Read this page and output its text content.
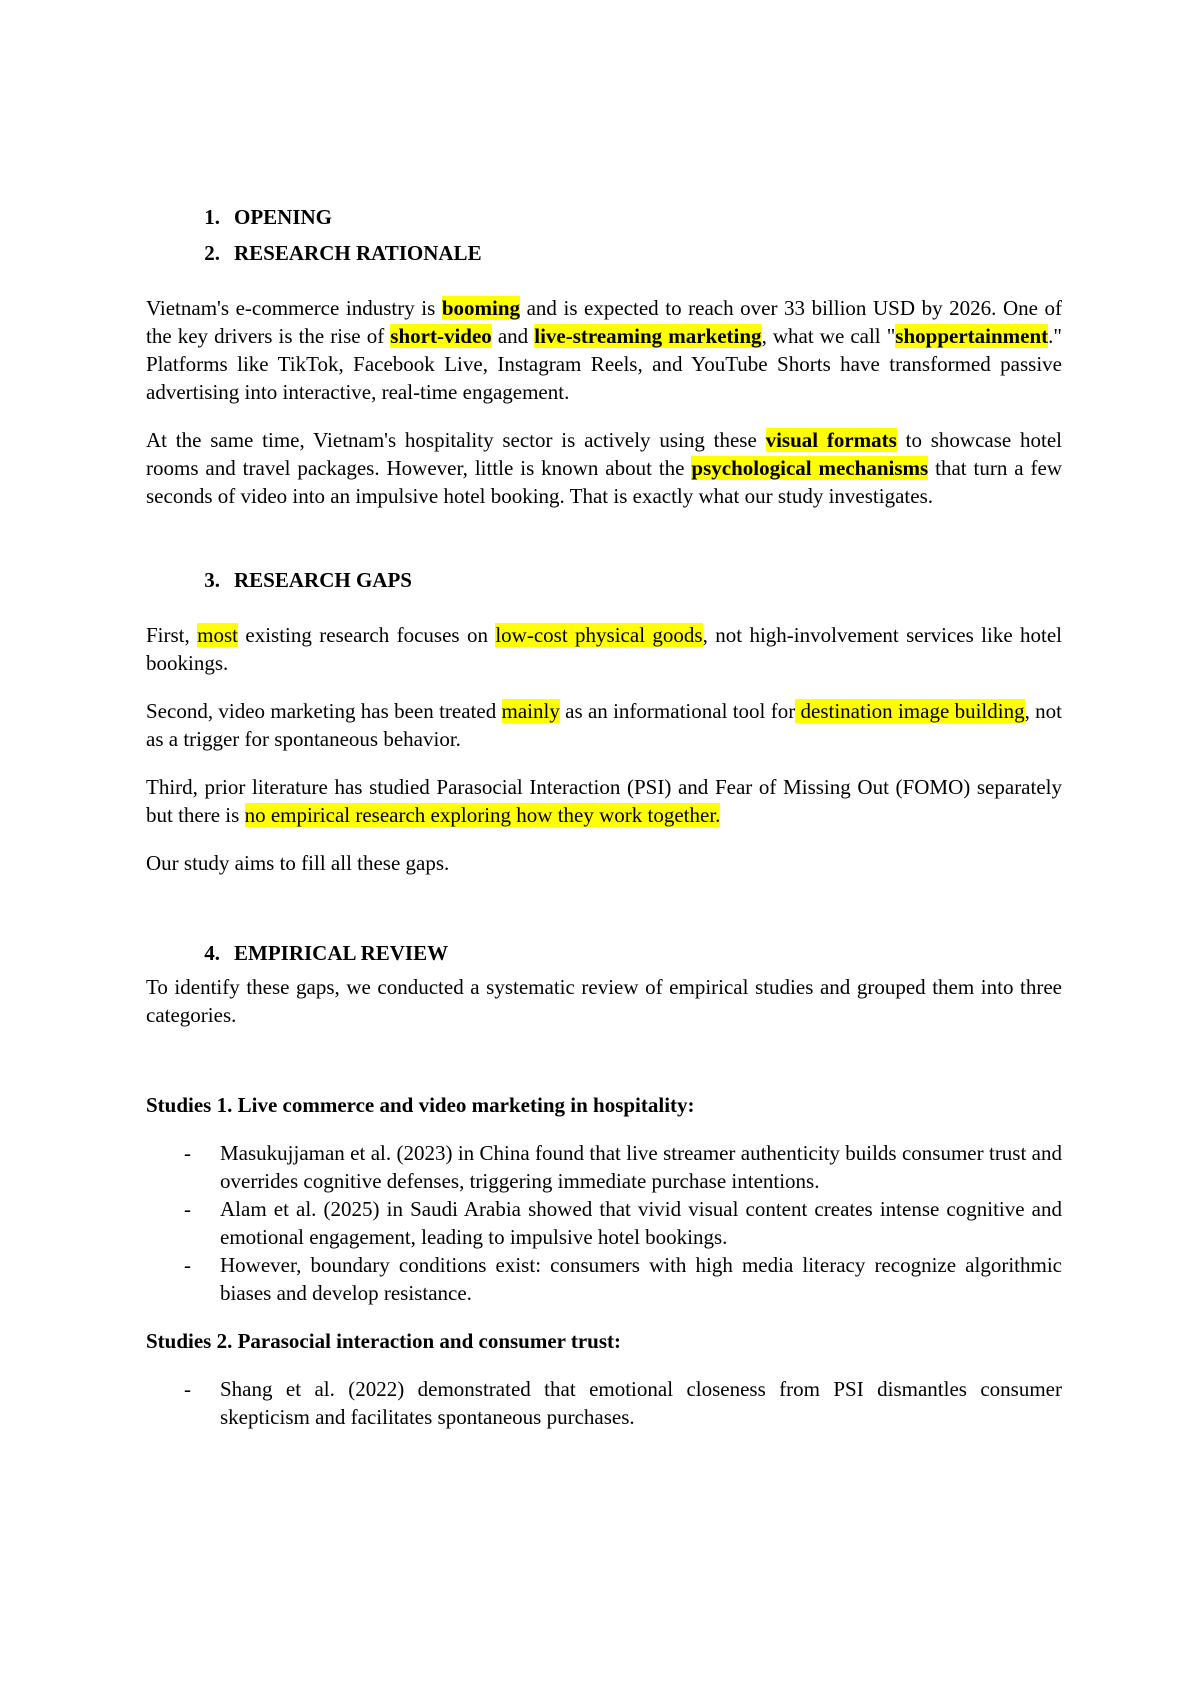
1. OPENING
2. RESEARCH RATIONALE

Vietnam's e-commerce industry is booming and is expected to reach over 33 billion USD by 2026. One of the key drivers is the rise of short-video and live-streaming marketing, what we call "shoppertainment." Platforms like TikTok, Facebook Live, Instagram Reels, and YouTube Shorts have transformed passive advertising into interactive, real-time engagement.

At the same time, Vietnam's hospitality sector is actively using these visual formats to showcase hotel rooms and travel packages. However, little is known about the psychological mechanisms that turn a few seconds of video into an impulsive hotel booking. That is exactly what our study investigates.

3. RESEARCH GAPS

First, most existing research focuses on low-cost physical goods, not high-involvement services like hotel bookings.

Second, video marketing has been treated mainly as an informational tool for destination image building, not as a trigger for spontaneous behavior.

Third, prior literature has studied Parasocial Interaction (PSI) and Fear of Missing Out (FOMO) separately but there is no empirical research exploring how they work together.

Our study aims to fill all these gaps.

4. EMPIRICAL REVIEW

To identify these gaps, we conducted a systematic review of empirical studies and grouped them into three categories.

Studies 1. Live commerce and video marketing in hospitality:

- Masukujjaman et al. (2023) in China found that live streamer authenticity builds consumer trust and overrides cognitive defenses, triggering immediate purchase intentions.
- Alam et al. (2025) in Saudi Arabia showed that vivid visual content creates intense cognitive and emotional engagement, leading to impulsive hotel bookings.
- However, boundary conditions exist: consumers with high media literacy recognize algorithmic biases and develop resistance.

Studies 2. Parasocial interaction and consumer trust:

- Shang et al. (2022) demonstrated that emotional closeness from PSI dismantles consumer skepticism and facilitates spontaneous purchases.
